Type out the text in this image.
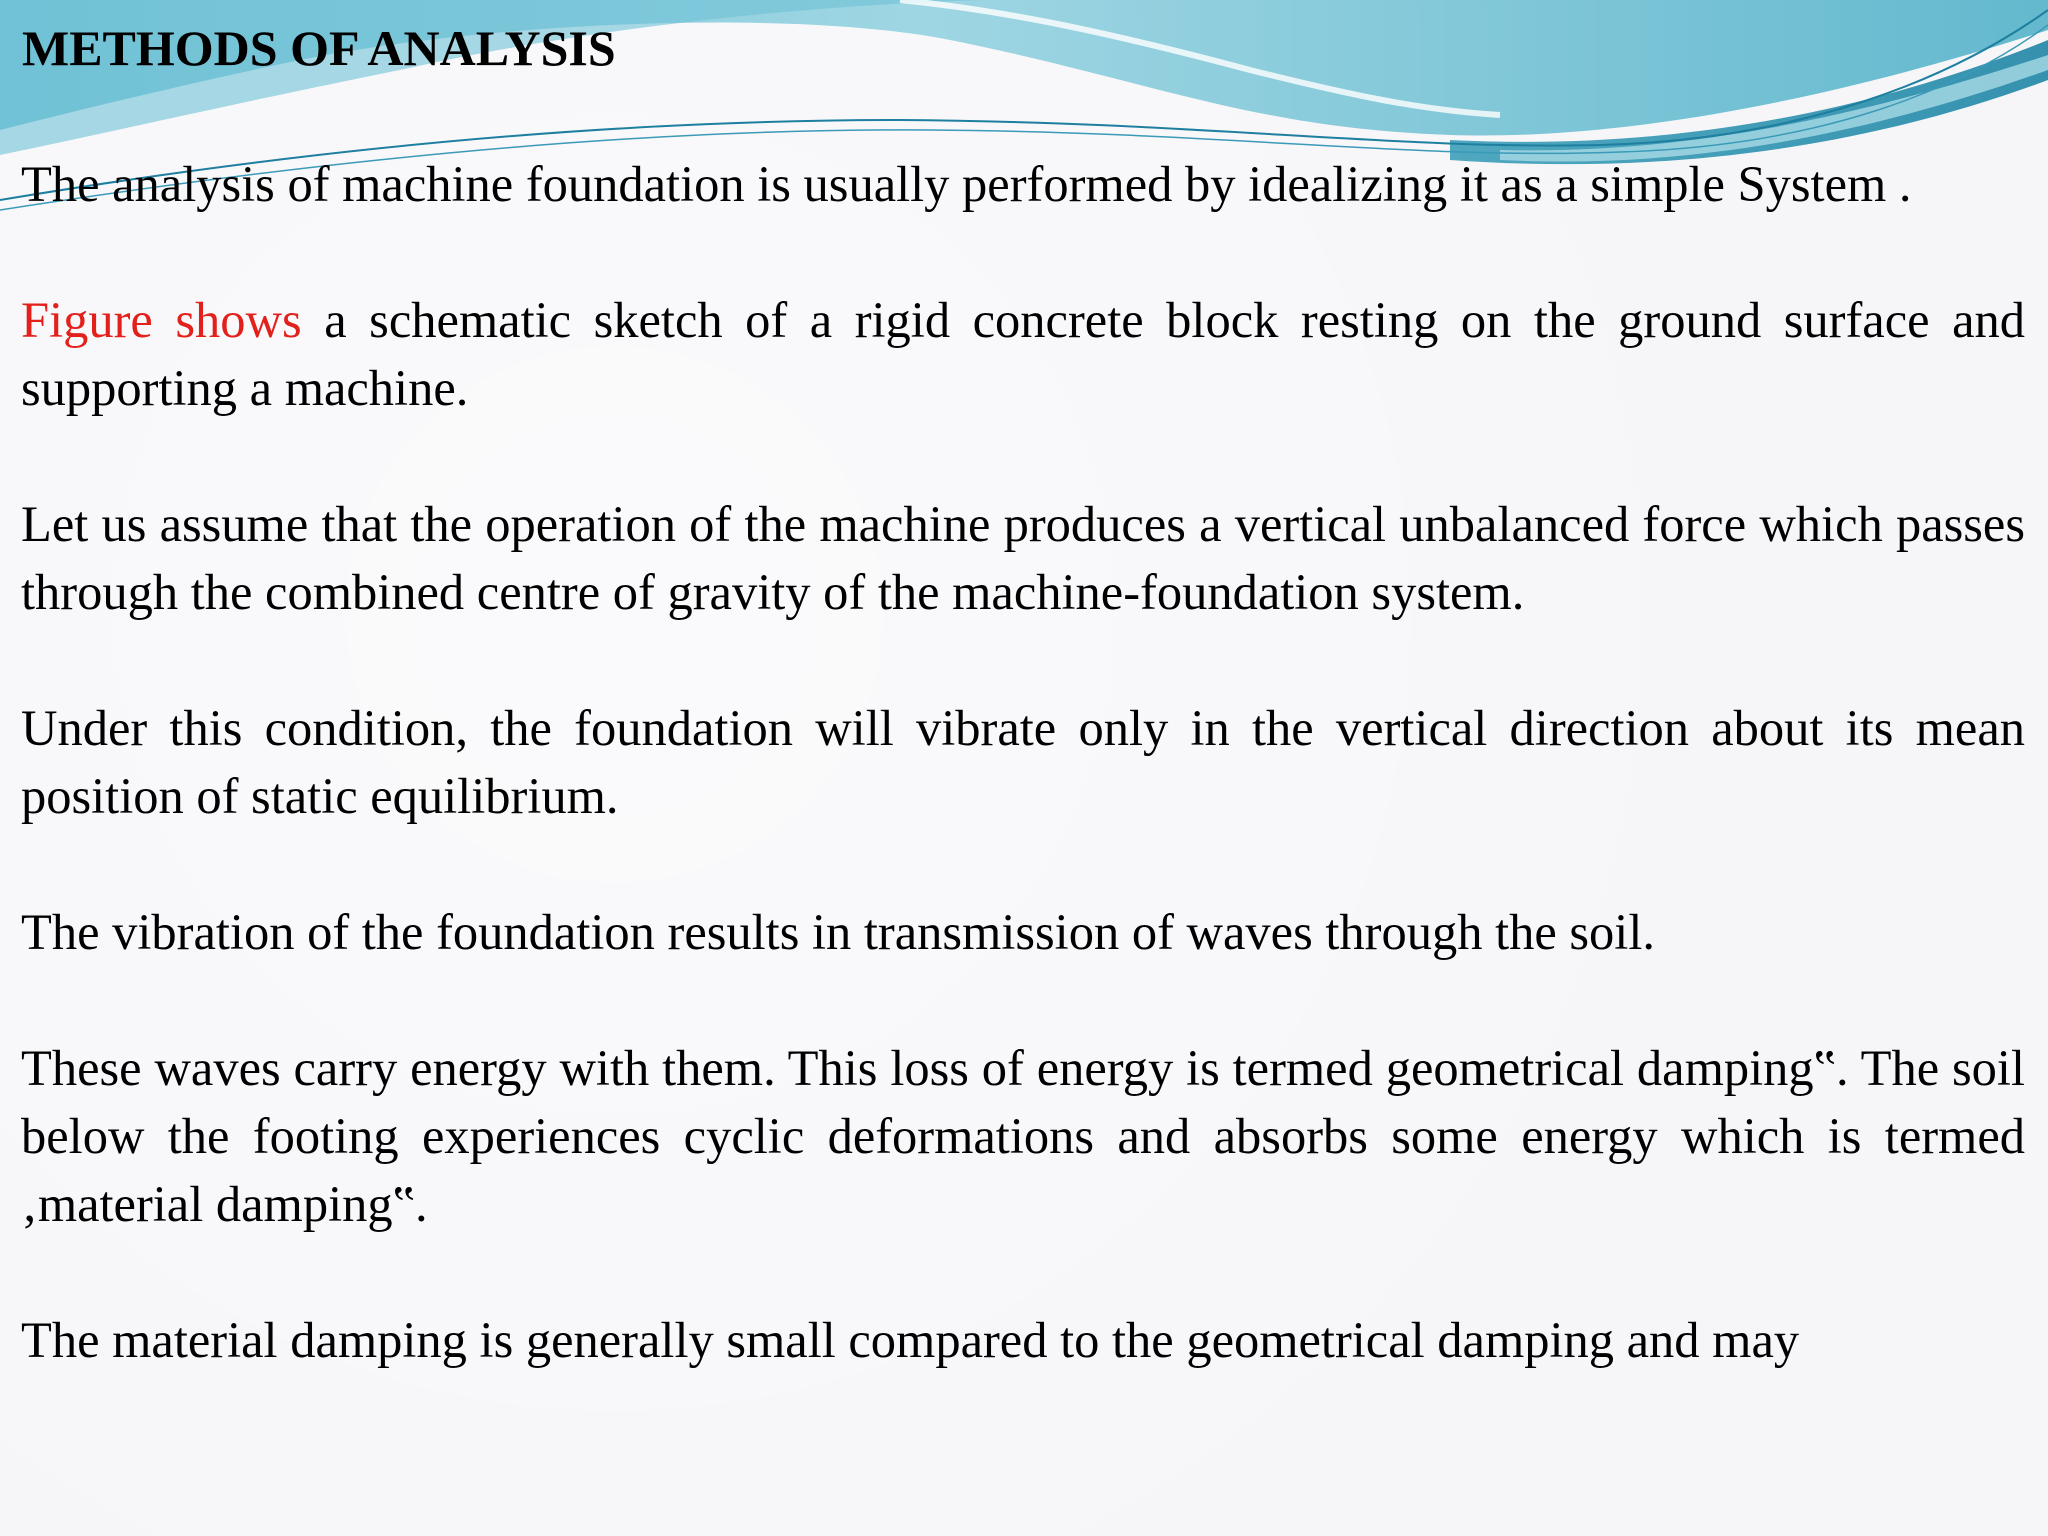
METHODS OF ANALYSIS

The analysis of machine foundation is usually performed by idealizing it as a simple System .

Figure shows a schematic sketch of a rigid concrete block resting on the ground surface and supporting a machine.

Let us assume that the operation of the machine produces a vertical unbalanced force which passes through the combined centre of gravity of the machine-foundation system.

Under this condition, the foundation will vibrate only in the vertical direction about its mean position of static equilibrium.

The vibration of the foundation results in transmission of waves through the soil.

These waves carry energy with them. This loss of energy is termed geometrical damping‟. The soil below the footing experiences cyclic deformations and absorbs some energy which is termed ‚material damping‟.

The material damping is generally small compared to the geometrical damping and may
